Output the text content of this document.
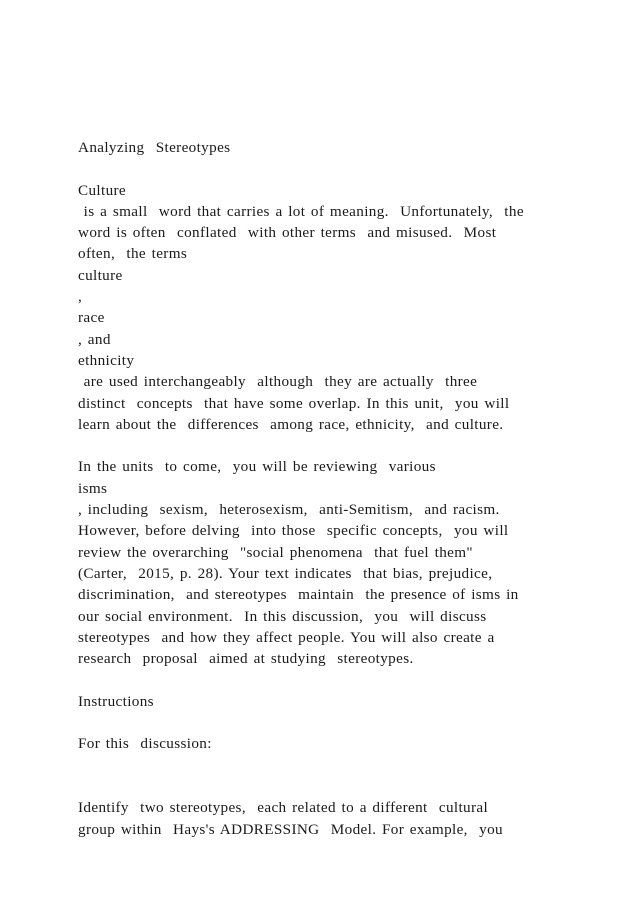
Analyzing  Stereotypes
Culture
is a small  word that carries a lot of meaning.  Unfortunately,  the
word is often  conflated  with other terms  and misused.  Most
often,  the terms
culture
,
race
, and
ethnicity
are used interchangeably  although  they are actually  three
distinct  concepts  that have some overlap. In this unit,  you will
learn about the  differences  among race, ethnicity,  and culture.
In the units  to come,  you will be reviewing  various
isms
, including  sexism,  heterosexism,  anti-Semitism,  and racism.
However, before delving  into those  specific concepts,  you will
review the overarching  "social phenomena  that fuel them"
(Carter,  2015, p. 28). Your text indicates  that bias, prejudice,
discrimination,  and stereotypes  maintain  the presence of isms in
our social environment.  In this discussion,  you  will discuss
stereotypes  and how they affect people. You will also create a
research  proposal  aimed at studying  stereotypes.
Instructions
For this  discussion:
Identify  two stereotypes,  each related to a different  cultural
group within  Hays's ADDRESSING  Model. For example,  you
